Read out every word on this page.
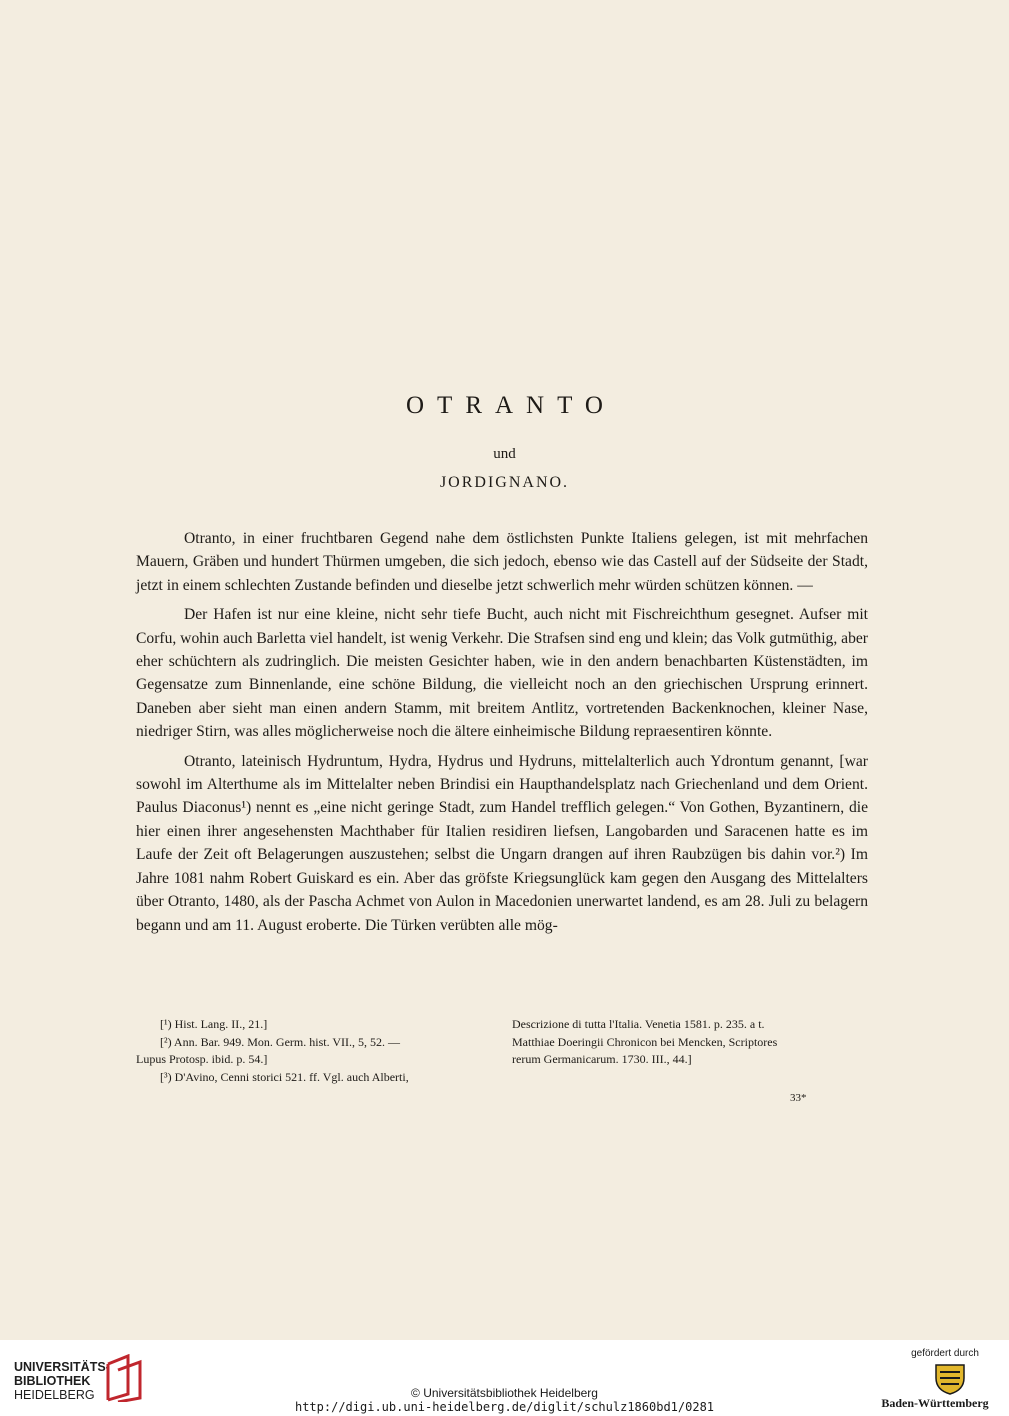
OTRANTO
und
JORDIGNANO.

Otranto, in einer fruchtbaren Gegend nahe dem östlichsten Punkte Italiens gelegen, ist mit mehrfachen Mauern, Gräben und hundert Thürmen umgeben, die sich jedoch, ebenso wie das Castell auf der Südseite der Stadt, jetzt in einem schlechten Zustande befinden und dieselbe jetzt schwerlich mehr würden schützen können. —

Der Hafen ist nur eine kleine, nicht sehr tiefe Bucht, auch nicht mit Fischreichthum gesegnet. Aufser mit Corfu, wohin auch Barletta viel handelt, ist wenig Verkehr. Die Strafsen sind eng und klein; das Volk gutmüthig, aber eher schüchtern als zudringlich. Die meisten Gesichter haben, wie in den andern benachbarten Küstenstädten, im Gegensatze zum Binnenlande, eine schöne Bildung, die vielleicht noch an den griechischen Ursprung erinnert. Daneben aber sieht man einen andern Stamm, mit breitem Antlitz, vortretenden Backenknochen, kleiner Nase, niedriger Stirn, was alles möglicherweise noch die ältere einheimische Bildung repraesentiren könnte.

Otranto, lateinisch Hydruntum, Hydra, Hydrus und Hydruns, mittelalterlich auch Ydrontum genannt, [war sowohl im Alterthume als im Mittelalter neben Brindisi ein Haupthandelsplatz nach Griechenland und dem Orient. Paulus Diaconus¹) nennt es „eine nicht geringe Stadt, zum Handel trefflich gelegen.“ Von Gothen, Byzantinern, die hier einen ihrer angesehensten Machthaber für Italien residiren liefsen, Langobarden und Saracenen hatte es im Laufe der Zeit oft Belagerungen auszustehen; selbst die Ungarn drangen auf ihren Raubzügen bis dahin vor.²) Im Jahre 1081 nahm Robert Guiskard es ein. Aber das gröfste Kriegsunglück kam gegen den Ausgang des Mittelalters über Otranto, 1480, als der Pascha Achmet von Aulon in Macedonien unerwartet landend, es am 28. Juli zu belagern begann und am 11. August eroberte. Die Türken verübten alle mög-

[¹) Hist. Lang. II., 21.]
[²) Ann. Bar. 949. Mon. Germ. hist. VII., 5, 52. —
Lupus Protosp. ibid. p. 54.]
[³) D'Avino, Cenni storici 521. ff. Vgl. auch Alberti,
Descrizione di tutta l'Italia. Venetia 1581. p. 235. a t.
Matthiae Doeringii Chronicon bei Mencken, Scriptores
rerum Germanicarum. 1730. III., 44.]
33*
UNIVERSITÄTS-
BIBLIOTHEK
HEIDELBERG	© Universitätsbibliothek Heidelberg
http://digi.ub.uni-heidelberg.de/diglit/schulz1860bd1/0281
gefördert durch
Baden-Württemberg
